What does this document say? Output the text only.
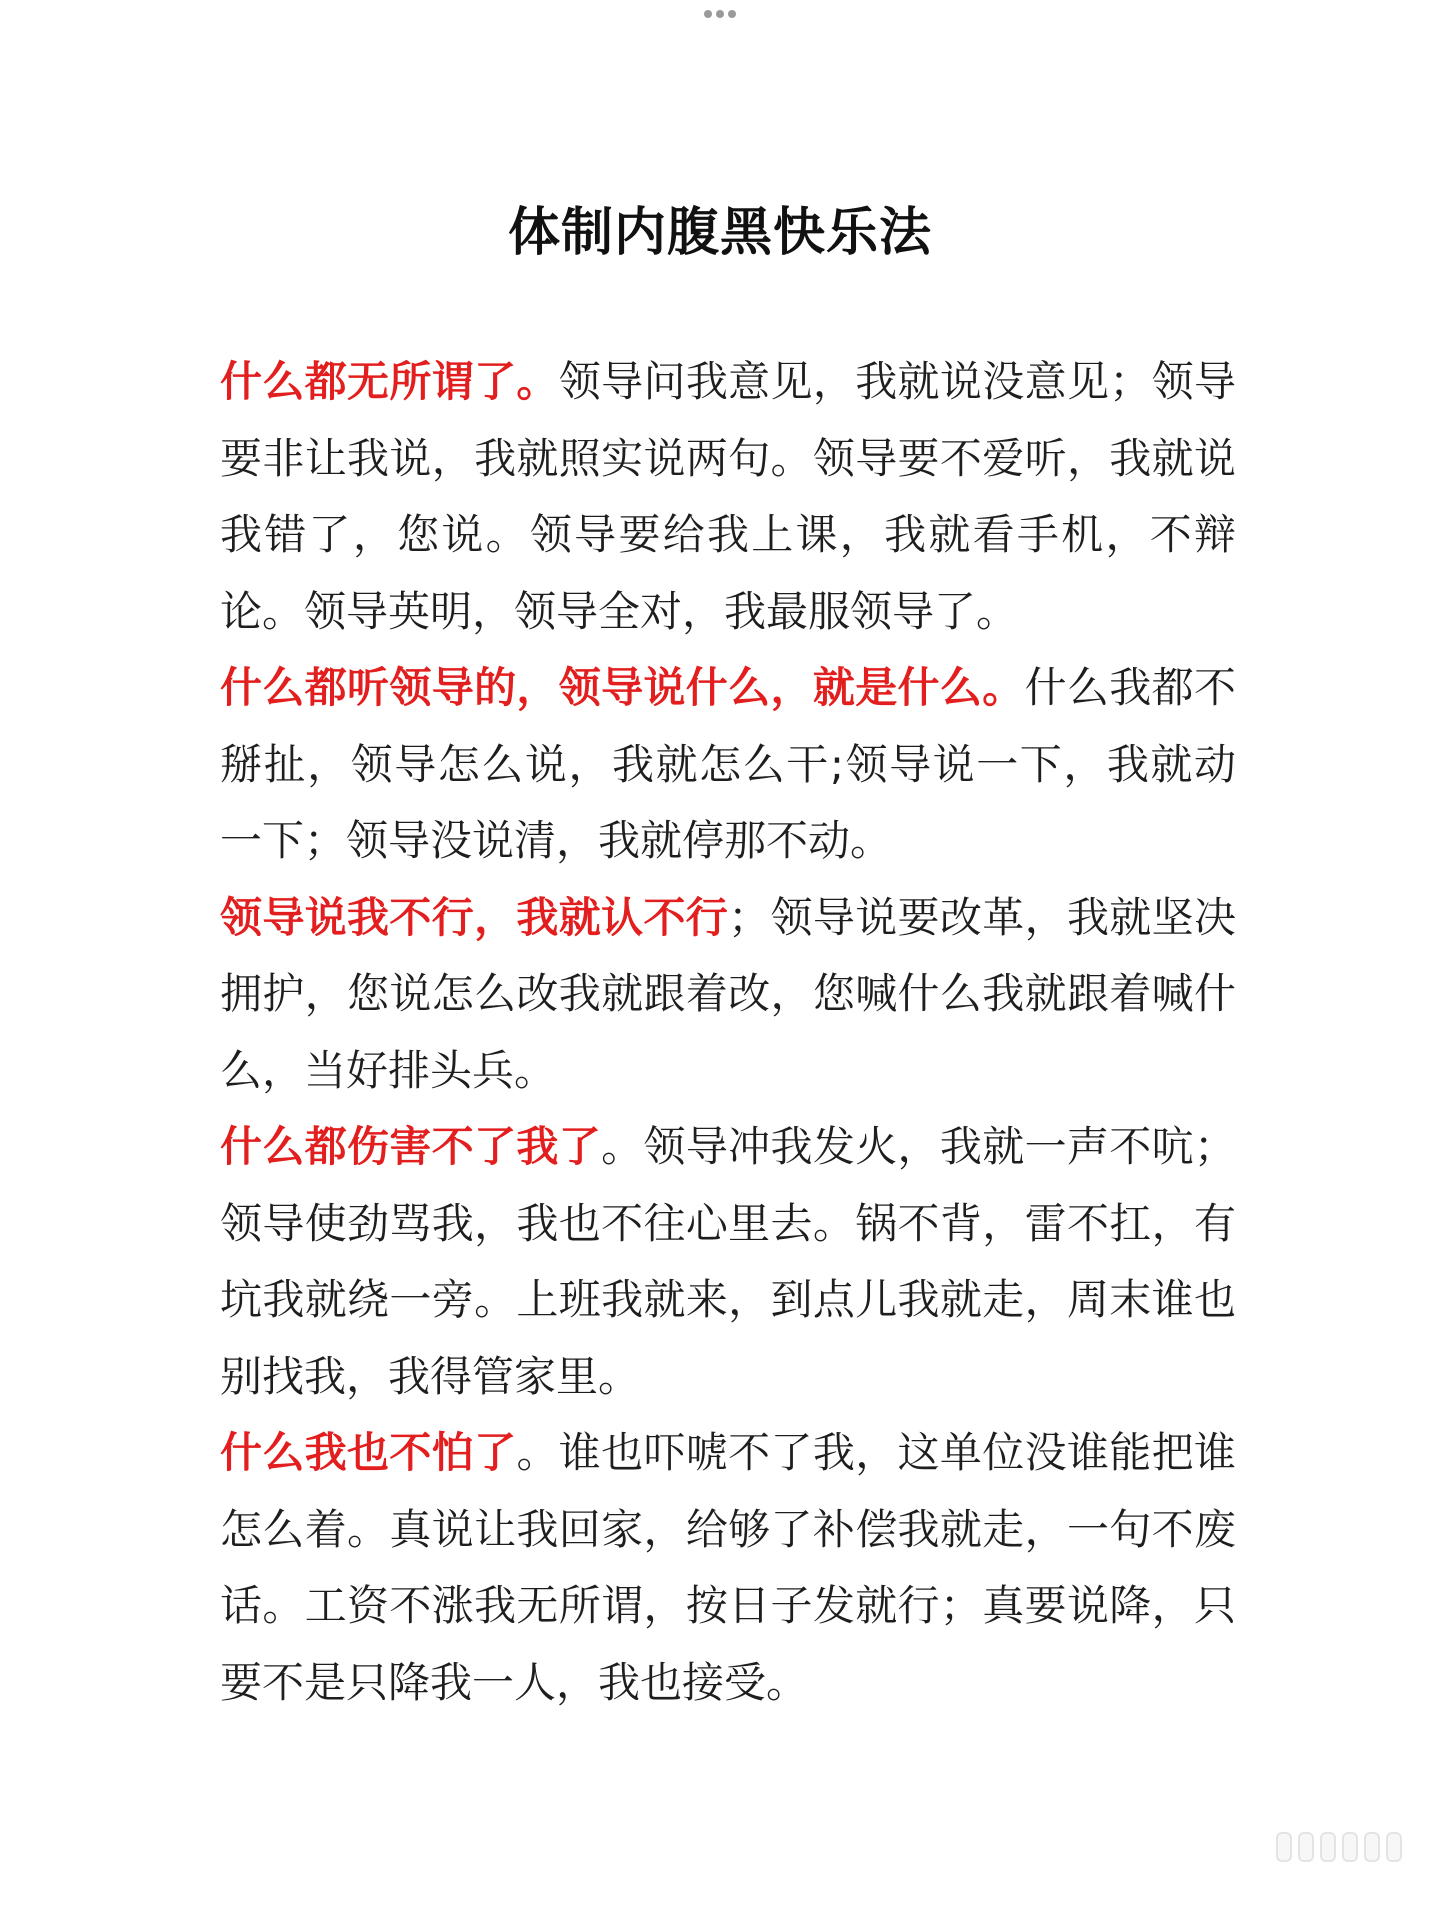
体制内腹黑快乐法

什么都无所谓了。领导问我意见，我就说没意见；领导要非让我说，我就照实说两句。领导要不爱听，我就说我错了，您说。领导要给我上课，我就看手机，不辩论。领导英明，领导全对，我最服领导了。

什么都听领导的，领导说什么，就是什么。什么我都不掰扯，领导怎么说，我就怎么干;领导说一下，我就动一下；领导没说清，我就停那不动。

领导说我不行，我就认不行；领导说要改革，我就坚决拥护，您说怎么改我就跟着改，您喊什么我就跟着喊什么，当好排头兵。

什么都伤害不了我了。领导冲我发火，我就一声不吭；领导使劲骂我，我也不往心里去。锅不背，雷不扛，有坑我就绕一旁。上班我就来，到点儿我就走，周末谁也别找我，我得管家里。

什么我也不怕了。谁也吓唬不了我，这单位没谁能把谁怎么着。真说让我回家，给够了补偿我就走，一句不废话。工资不涨我无所谓，按日子发就行；真要说降，只要不是只降我一人，我也接受。
